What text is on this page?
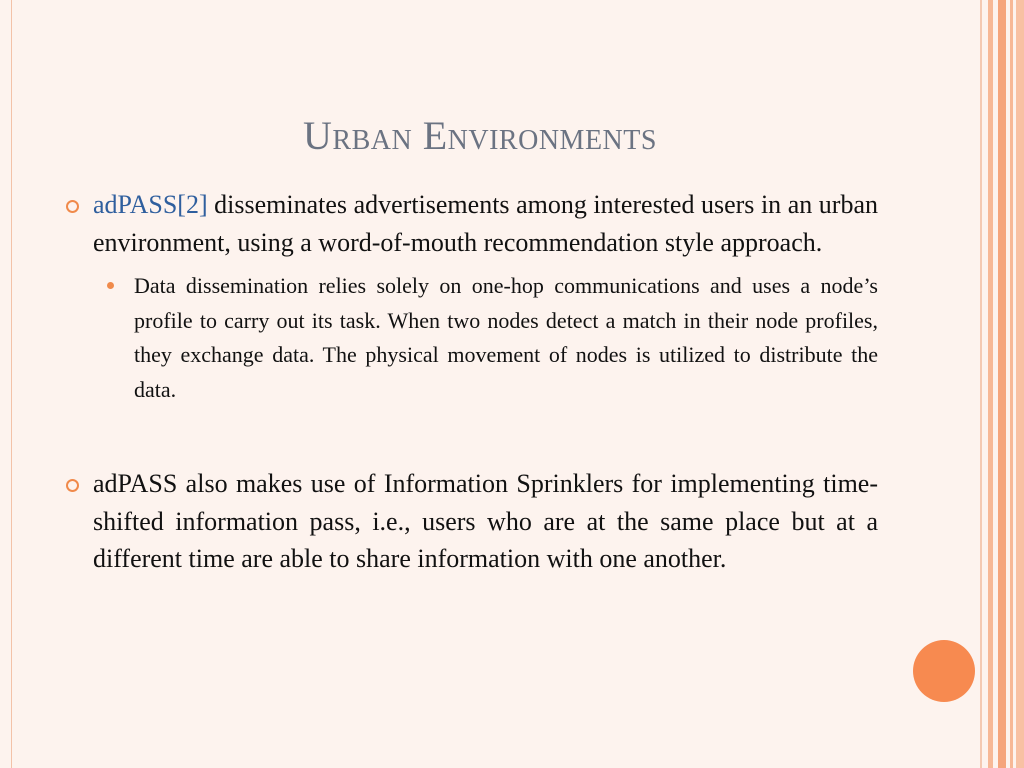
Urban Environments
adPASS[2] disseminates advertisements among interested users in an urban environment, using a word-of-mouth recommendation style approach.
Data dissemination relies solely on one-hop communications and uses a node’s profile to carry out its task. When two nodes detect a match in their node profiles, they exchange data. The physical movement of nodes is utilized to distribute the data.
adPASS also makes use of Information Sprinklers for implementing time-shifted information pass, i.e., users who are at the same place but at a different time are able to share information with one another.
